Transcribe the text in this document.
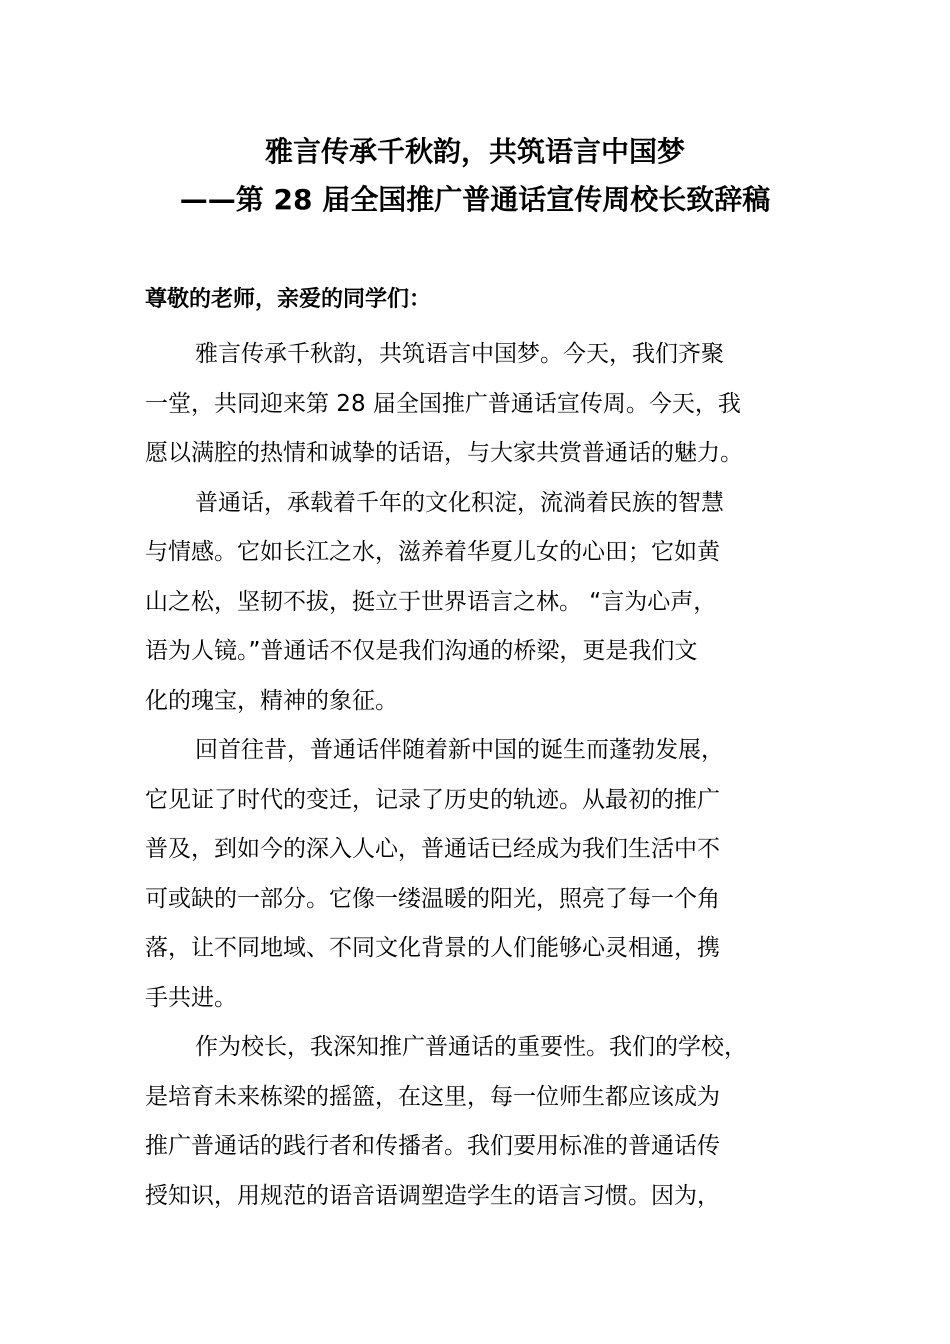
雅言传承千秋韵，共筑语言中国梦
——第 28 届全国推广普通话宣传周校长致辞稿
尊敬的老师，亲爱的同学们：

雅言传承千秋韵，共筑语言中国梦。今天，我们齐聚
一堂，共同迎来第 28 届全国推广普通话宣传周。今天，我
愿以满腔的热情和诚挚的话语，与大家共赏普通话的魅力。

普通话，承载着千年的文化积淀，流淌着民族的智慧
与情感。它如长江之水，滋养着华夏儿女的心田；它如黄
山之松，坚韧不拔，挺立于世界语言之林。 “言为心声，
语为人镜。”普通话不仅是我们沟通的桥梁，更是我们文
化的瑰宝，精神的象征。

回首往昔，普通话伴随着新中国的诞生而蓬勃发展，
它见证了时代的变迁，记录了历史的轨迹。从最初的推广
普及，到如今的深入人心，普通话已经成为我们生活中不
可或缺的一部分。它像一缕温暖的阳光，照亮了每一个角
落，让不同地域、不同文化背景的人们能够心灵相通，携
手共进。

作为校长，我深知推广普通话的重要性。我们的学校，
是培育未来栋梁的摇篮，在这里，每一位师生都应该成为
推广普通话的践行者和传播者。我们要用标准的普通话传
授知识，用规范的语音语调塑造学生的语言习惯。因为，
